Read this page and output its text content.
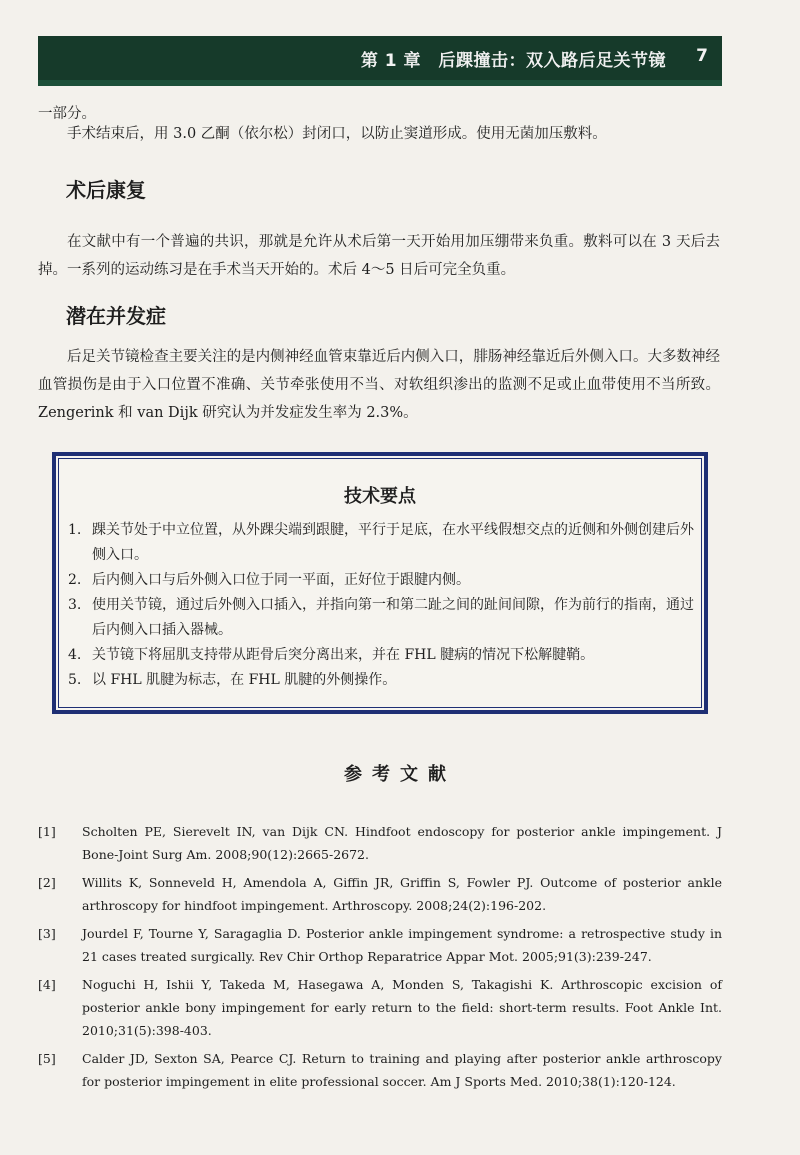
第 1 章　后踝撞击：双入路后足关节镜 7

一部分。

手术结束后，用 3.0 乙酮（依尔松）封闭口，以防止窦道形成。使用无菌加压敷料。

术后康复

在文献中有一个普遍的共识，那就是允许从术后第一天开始用加压绷带来负重。敷料可以在 3 天后去掉。一系列的运动练习是在手术当天开始的。术后 4～5 日后可完全负重。

潜在并发症

后足关节镜检查主要关注的是内侧神经血管束靠近后内侧入口，腓肠神经靠近后外侧入口。大多数神经血管损伤是由于入口位置不准确、关节牵张使用不当、对软组织渗出的监测不足或止血带使用不当所致。Zengerink 和 van Dijk 研究认为并发症发生率为 2.3%。

技术要点
1. 踝关节处于中立位置，从外踝尖端到跟腱，平行于足底，在水平线假想交点的近侧和外侧创建后外侧入口。
2. 后内侧入口与后外侧入口位于同一平面，正好位于跟腱内侧。
3. 使用关节镜，通过后外侧入口插入，并指向第一和第二趾之间的趾间间隙，作为前行的指南，通过后内侧入口插入器械。
4. 关节镜下将屈肌支持带从距骨后突分离出来，并在 FHL 腱病的情况下松解腱鞘。
5. 以 FHL 肌腱为标志，在 FHL 肌腱的外侧操作。
参考文献
[1]	Scholten PE, Sierevelt IN, van Dijk CN. Hindfoot endoscopy for posterior ankle impingement. J Bone-Joint Surg Am. 2008;90(12):2665-2672.
[2]	Willits K, Sonneveld H, Amendola A, Giffin JR, Griffin S, Fowler PJ. Outcome of posterior ankle arthroscopy for hindfoot impingement. Arthroscopy. 2008;24(2):196-202.
[3]	Jourdel F, Tourne Y, Saragaglia D. Posterior ankle impingement syndrome: a retrospective study in 21 cases treated surgically. Rev Chir Orthop Reparatrice Appar Mot. 2005;91(3):239-247.
[4]	Noguchi H, Ishii Y, Takeda M, Hasegawa A, Monden S, Takagishi K. Arthroscopic excision of posterior ankle bony impingement for early return to the field: short-term results. Foot Ankle Int. 2010;31(5):398-403.
[5]	Calder JD, Sexton SA, Pearce CJ. Return to training and playing after posterior ankle arthroscopy for posterior impingement in elite professional soccer. Am J Sports Med. 2010;38(1):120-124.
